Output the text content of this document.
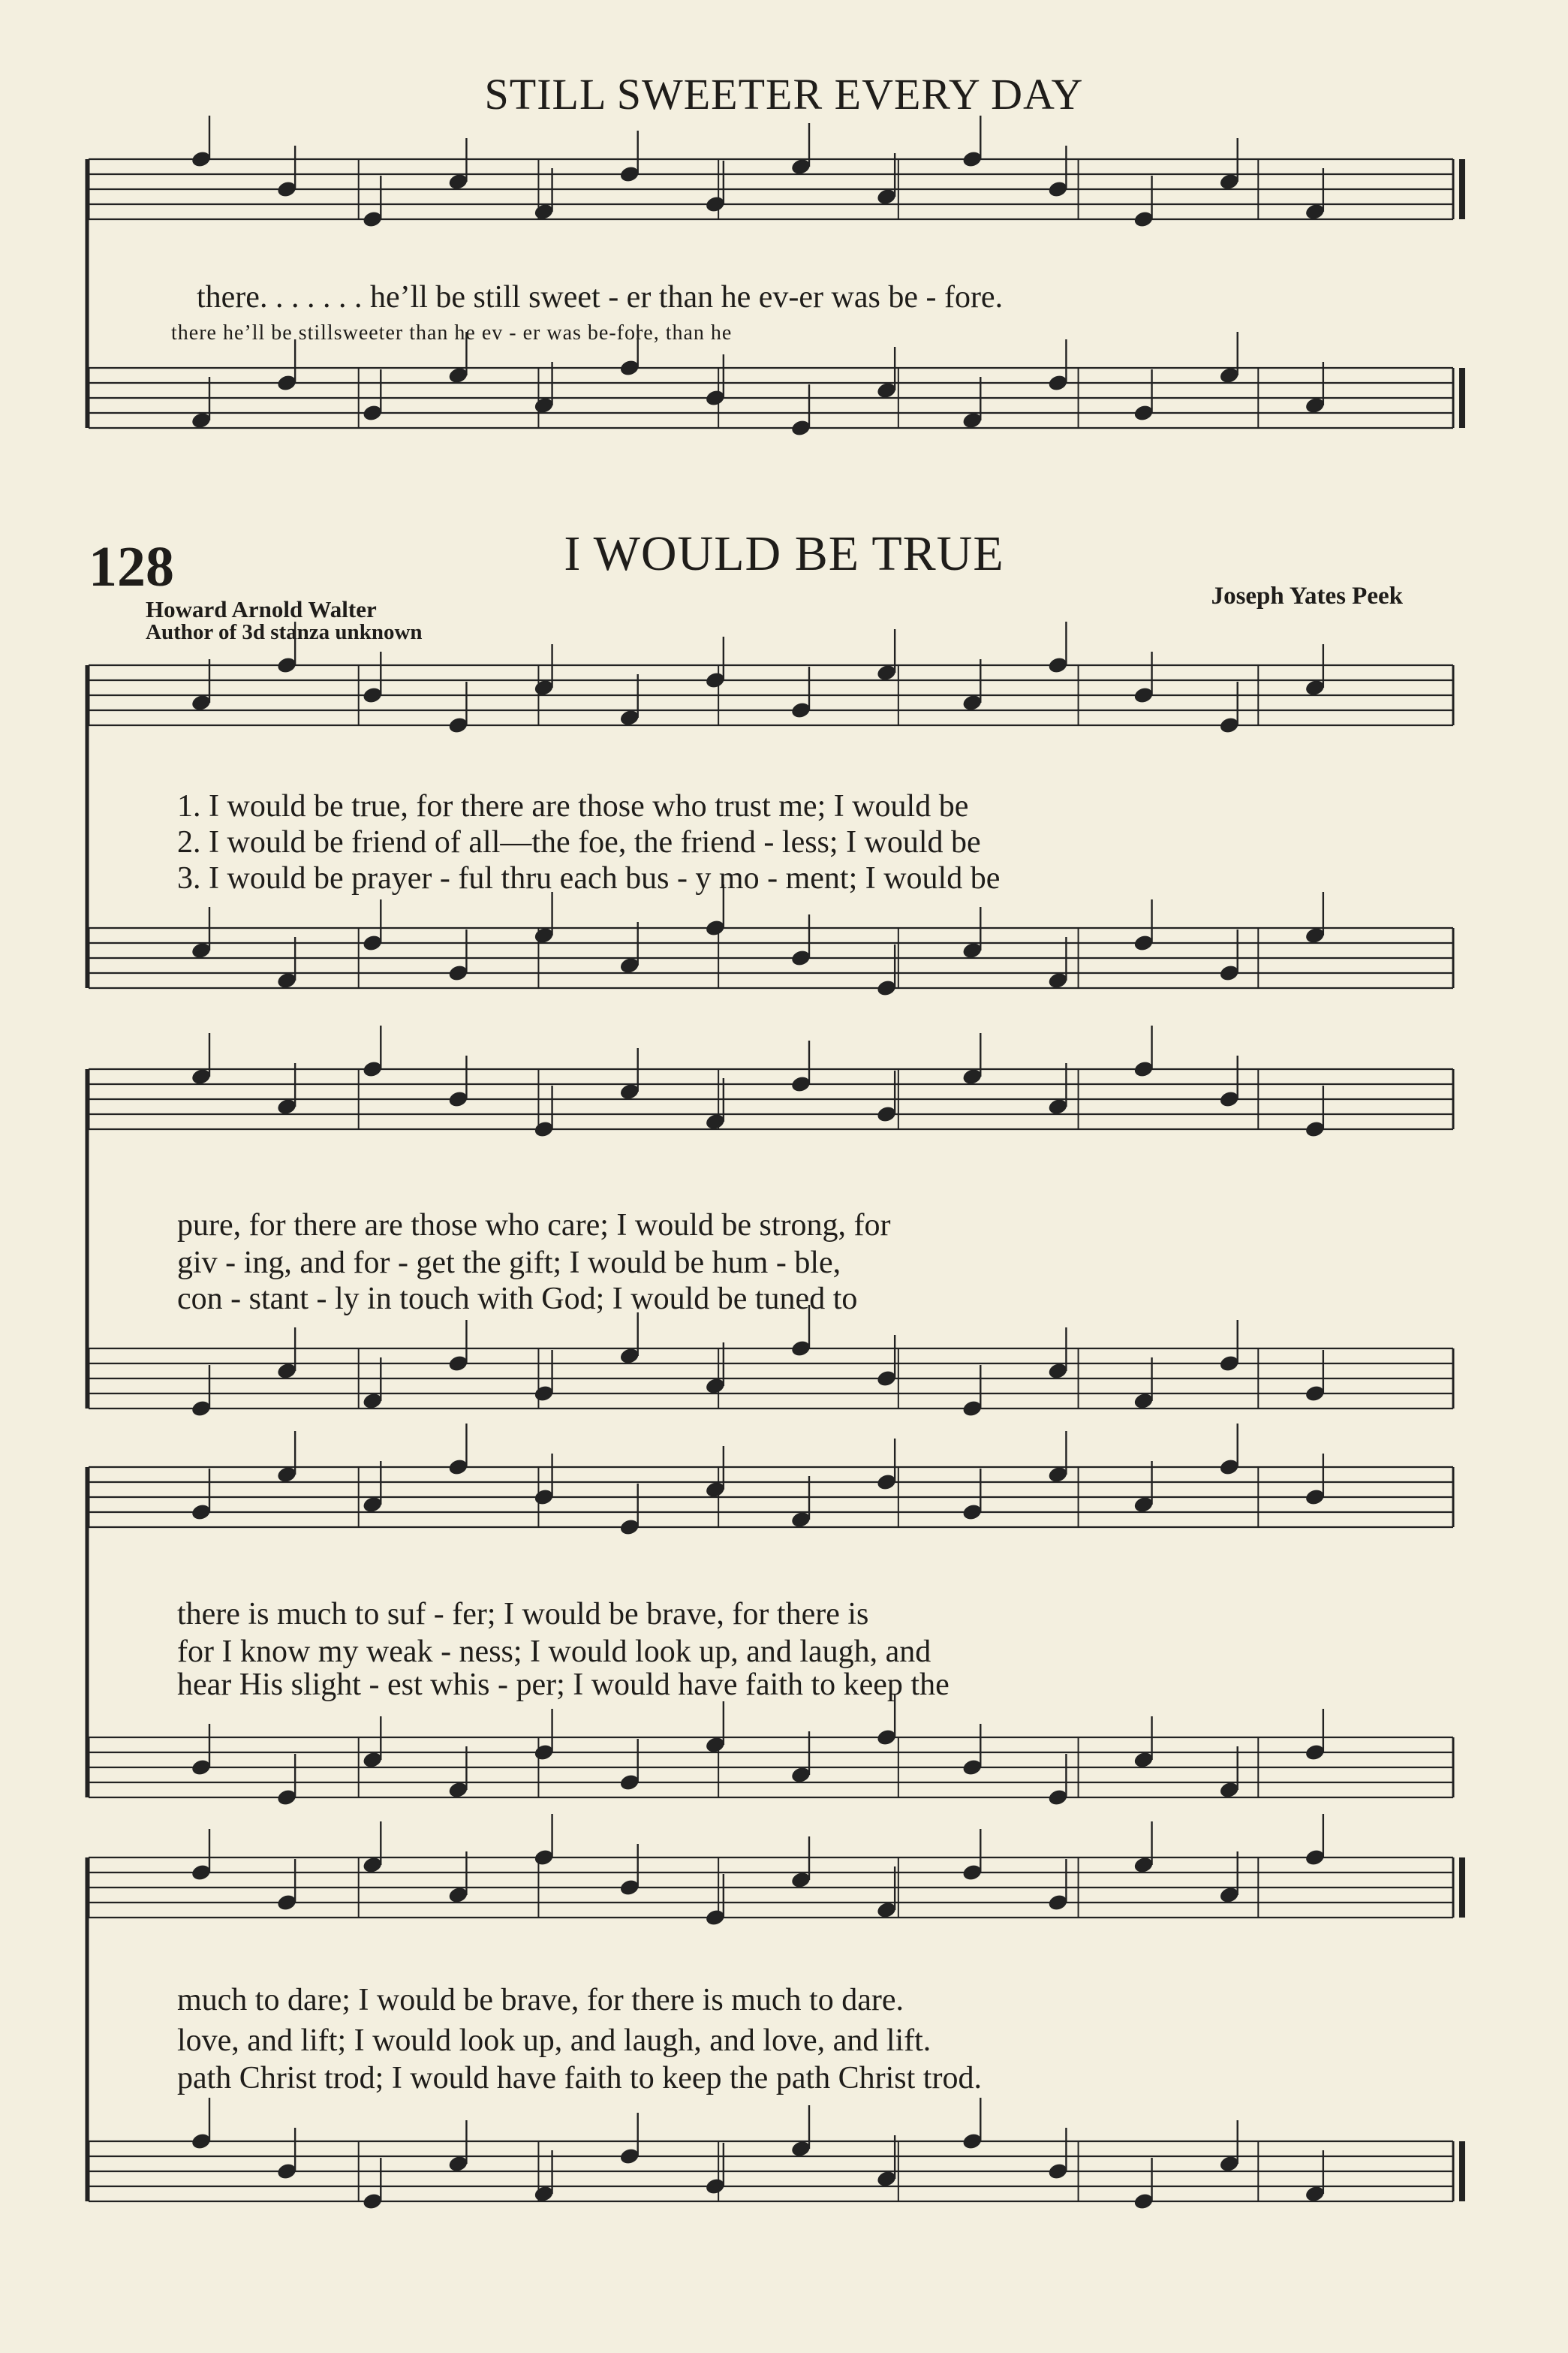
STILL SWEETER EVERY DAY
there. . . . . . . he’ll be still sweet - er than he ev-er was be - fore.
there he’ll be stillsweeter than he ev - er was be-fore, than he
128	I WOULD BE TRUE
Howard Arnold Walter
Author of 3d stanza unknown
Joseph Yates Peek
1. I would be true, for there are those who trust me; I would be
2. I would be friend of all—the foe, the friend - less; I would be
3. I would be prayer - ful thru each bus - y mo - ment; I would be
pure, for there are those who care; I would be strong, for
giv - ing, and for - get the gift; I would be hum - ble,
con - stant - ly in touch with God; I would be tuned to
there is much to suf - fer; I would be brave, for there is
for I know my weak - ness; I would look up, and laugh, and
hear His slight - est whis - per; I would have faith to keep the
much to dare; I would be brave, for there is much to dare.
love, and lift; I would look up, and laugh, and love, and lift.
path Christ trod; I would have faith to keep the path Christ trod.
